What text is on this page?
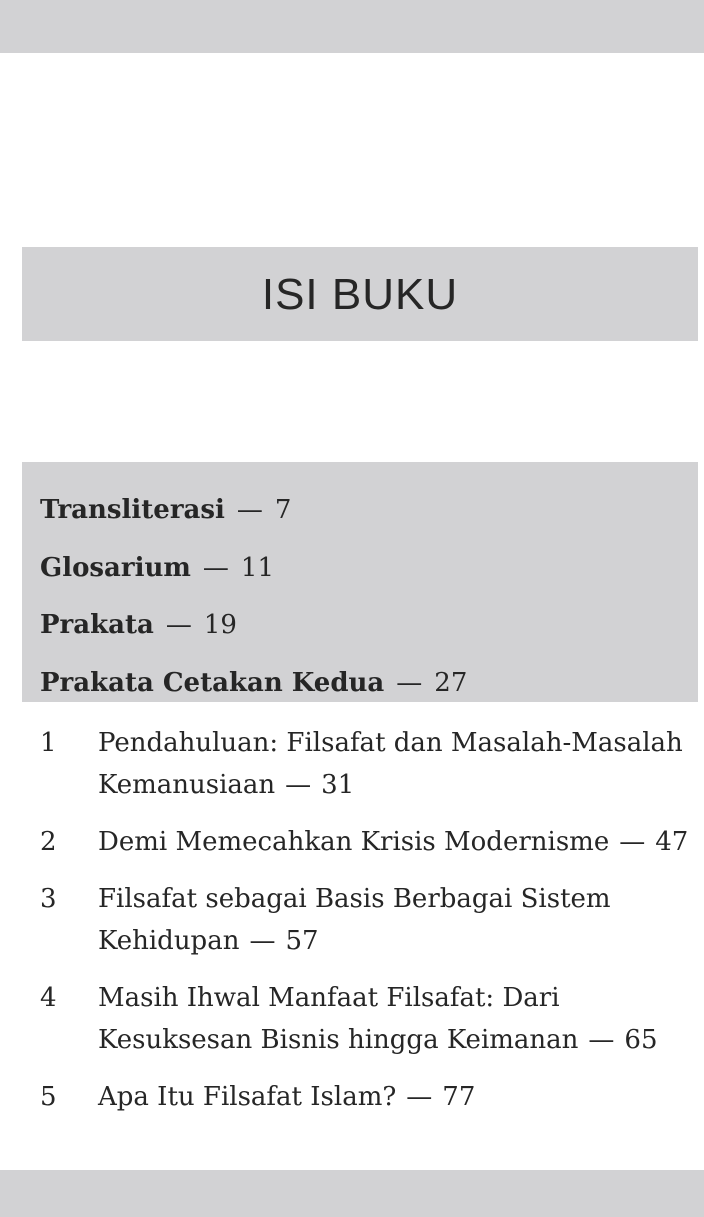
ISI BUKU
Transliterasi — 7
Glosarium — 11
Prakata — 19
Prakata Cetakan Kedua — 27
1	Pendahuluan: Filsafat dan Masalah-Masalah
Kemanusiaan — 31
2	Demi Memecahkan Krisis Modernisme — 47
3	Filsafat sebagai Basis Berbagai Sistem
Kehidupan — 57
4	Masih Ihwal Manfaat Filsafat: Dari
Kesuksesan Bisnis hingga Keimanan — 65
5	Apa Itu Filsafat Islam? — 77
